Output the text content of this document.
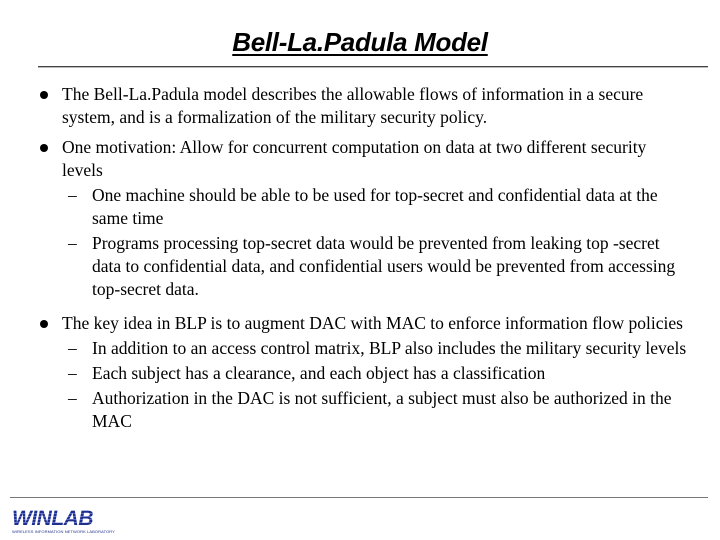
Bell-La.Padula Model
The Bell-La.Padula model describes the allowable flows of information in a secure system, and is a formalization of the military security policy.
One motivation: Allow for concurrent computation on data at two different security levels
– One machine should be able to be used for top-secret and confidential data at the same time
– Programs processing top-secret data would be prevented from leaking top -secret data to confidential data, and confidential users would be prevented from accessing top-secret data.
The key idea in BLP is to augment DAC with MAC to enforce information flow policies
– In addition to an access control matrix, BLP also includes the military security levels
– Each subject has a clearance, and each object has a classification
– Authorization in the DAC is not sufficient, a subject must also be authorized in the MAC
WINLAB
WIRELESS INFORMATION NETWORK LABORATORY
